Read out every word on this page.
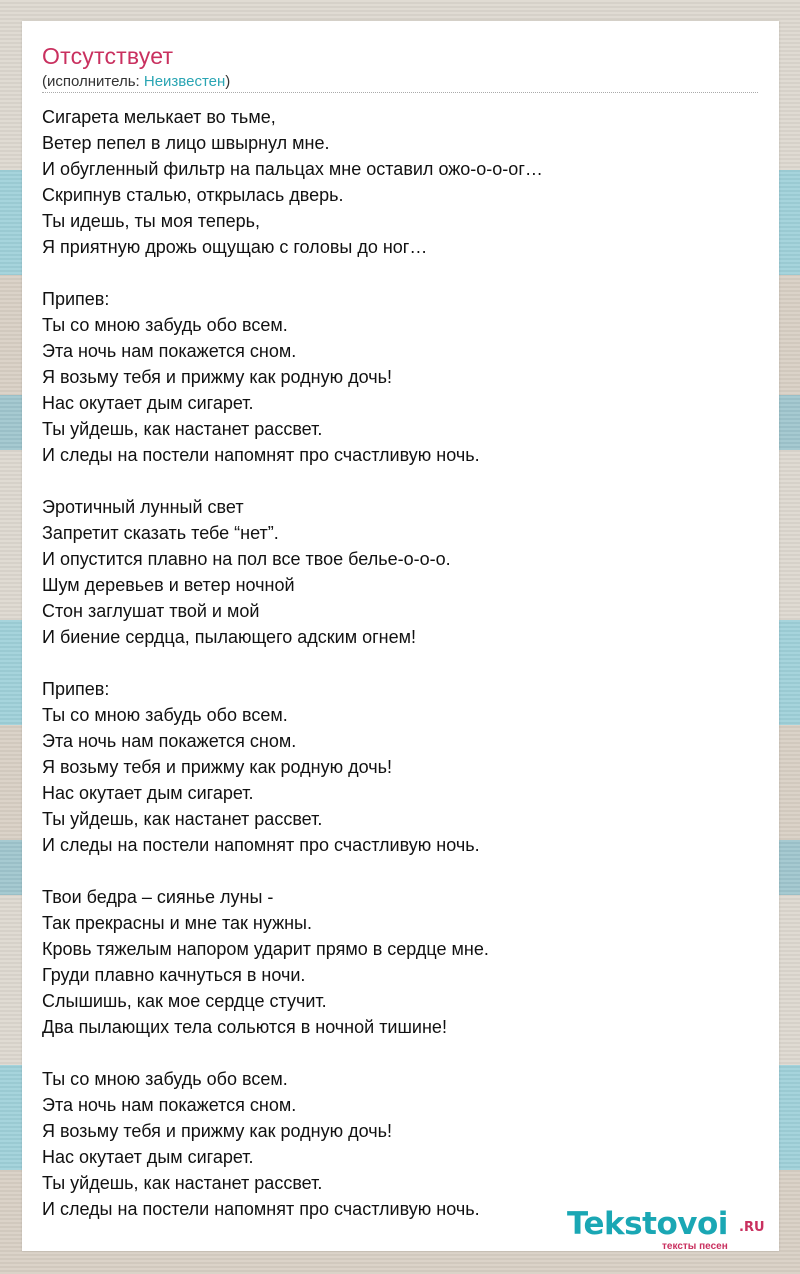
Отсутствует
(исполнитель: Неизвестен)
Сигарета мелькает во тьме,
Ветер пепел в лицо швырнул мне.
И обугленный фильтр на пальцах мне оставил ожо-о-о-ог…
Скрипнув сталью, открылась дверь.
Ты идешь, ты моя теперь,
Я приятную дрожь ощущаю с головы до ног…
Припев:
Ты со мною забудь обо всем.
Эта ночь нам покажется сном.
Я возьму тебя и прижму как родную дочь!
Нас окутает дым сигарет.
Ты уйдешь, как настанет рассвет.
И следы на постели напомнят про счастливую ночь.
Эротичный лунный свет
Запретит сказать тебе “нет”.
И опустится плавно на пол все твое белье-о-о-о.
Шум деревьев и ветер ночной
Стон заглушат твой и мой
И биение сердца, пылающего адским огнем!
Припев:
Ты со мною забудь обо всем.
Эта ночь нам покажется сном.
Я возьму тебя и прижму как родную дочь!
Нас окутает дым сигарет.
Ты уйдешь, как настанет рассвет.
И следы на постели напомнят про счастливую ночь.
Твои бедра – сиянье луны -
Так прекрасны и мне так нужны.
Кровь тяжелым напором ударит прямо в сердце мне.
Груди плавно качнуться в ночи.
Слышишь, как мое сердце стучит.
Два пылающих тела сольются в ночной тишине!
Ты со мною забудь обо всем.
Эта ночь нам покажется сном.
Я возьму тебя и прижму как родную дочь!
Нас окутает дым сигарет.
Ты уйдешь, как настанет рассвет.
И следы на постели напомнят про счастливую ночь.	Tekstovoi .RU
тексты песен
